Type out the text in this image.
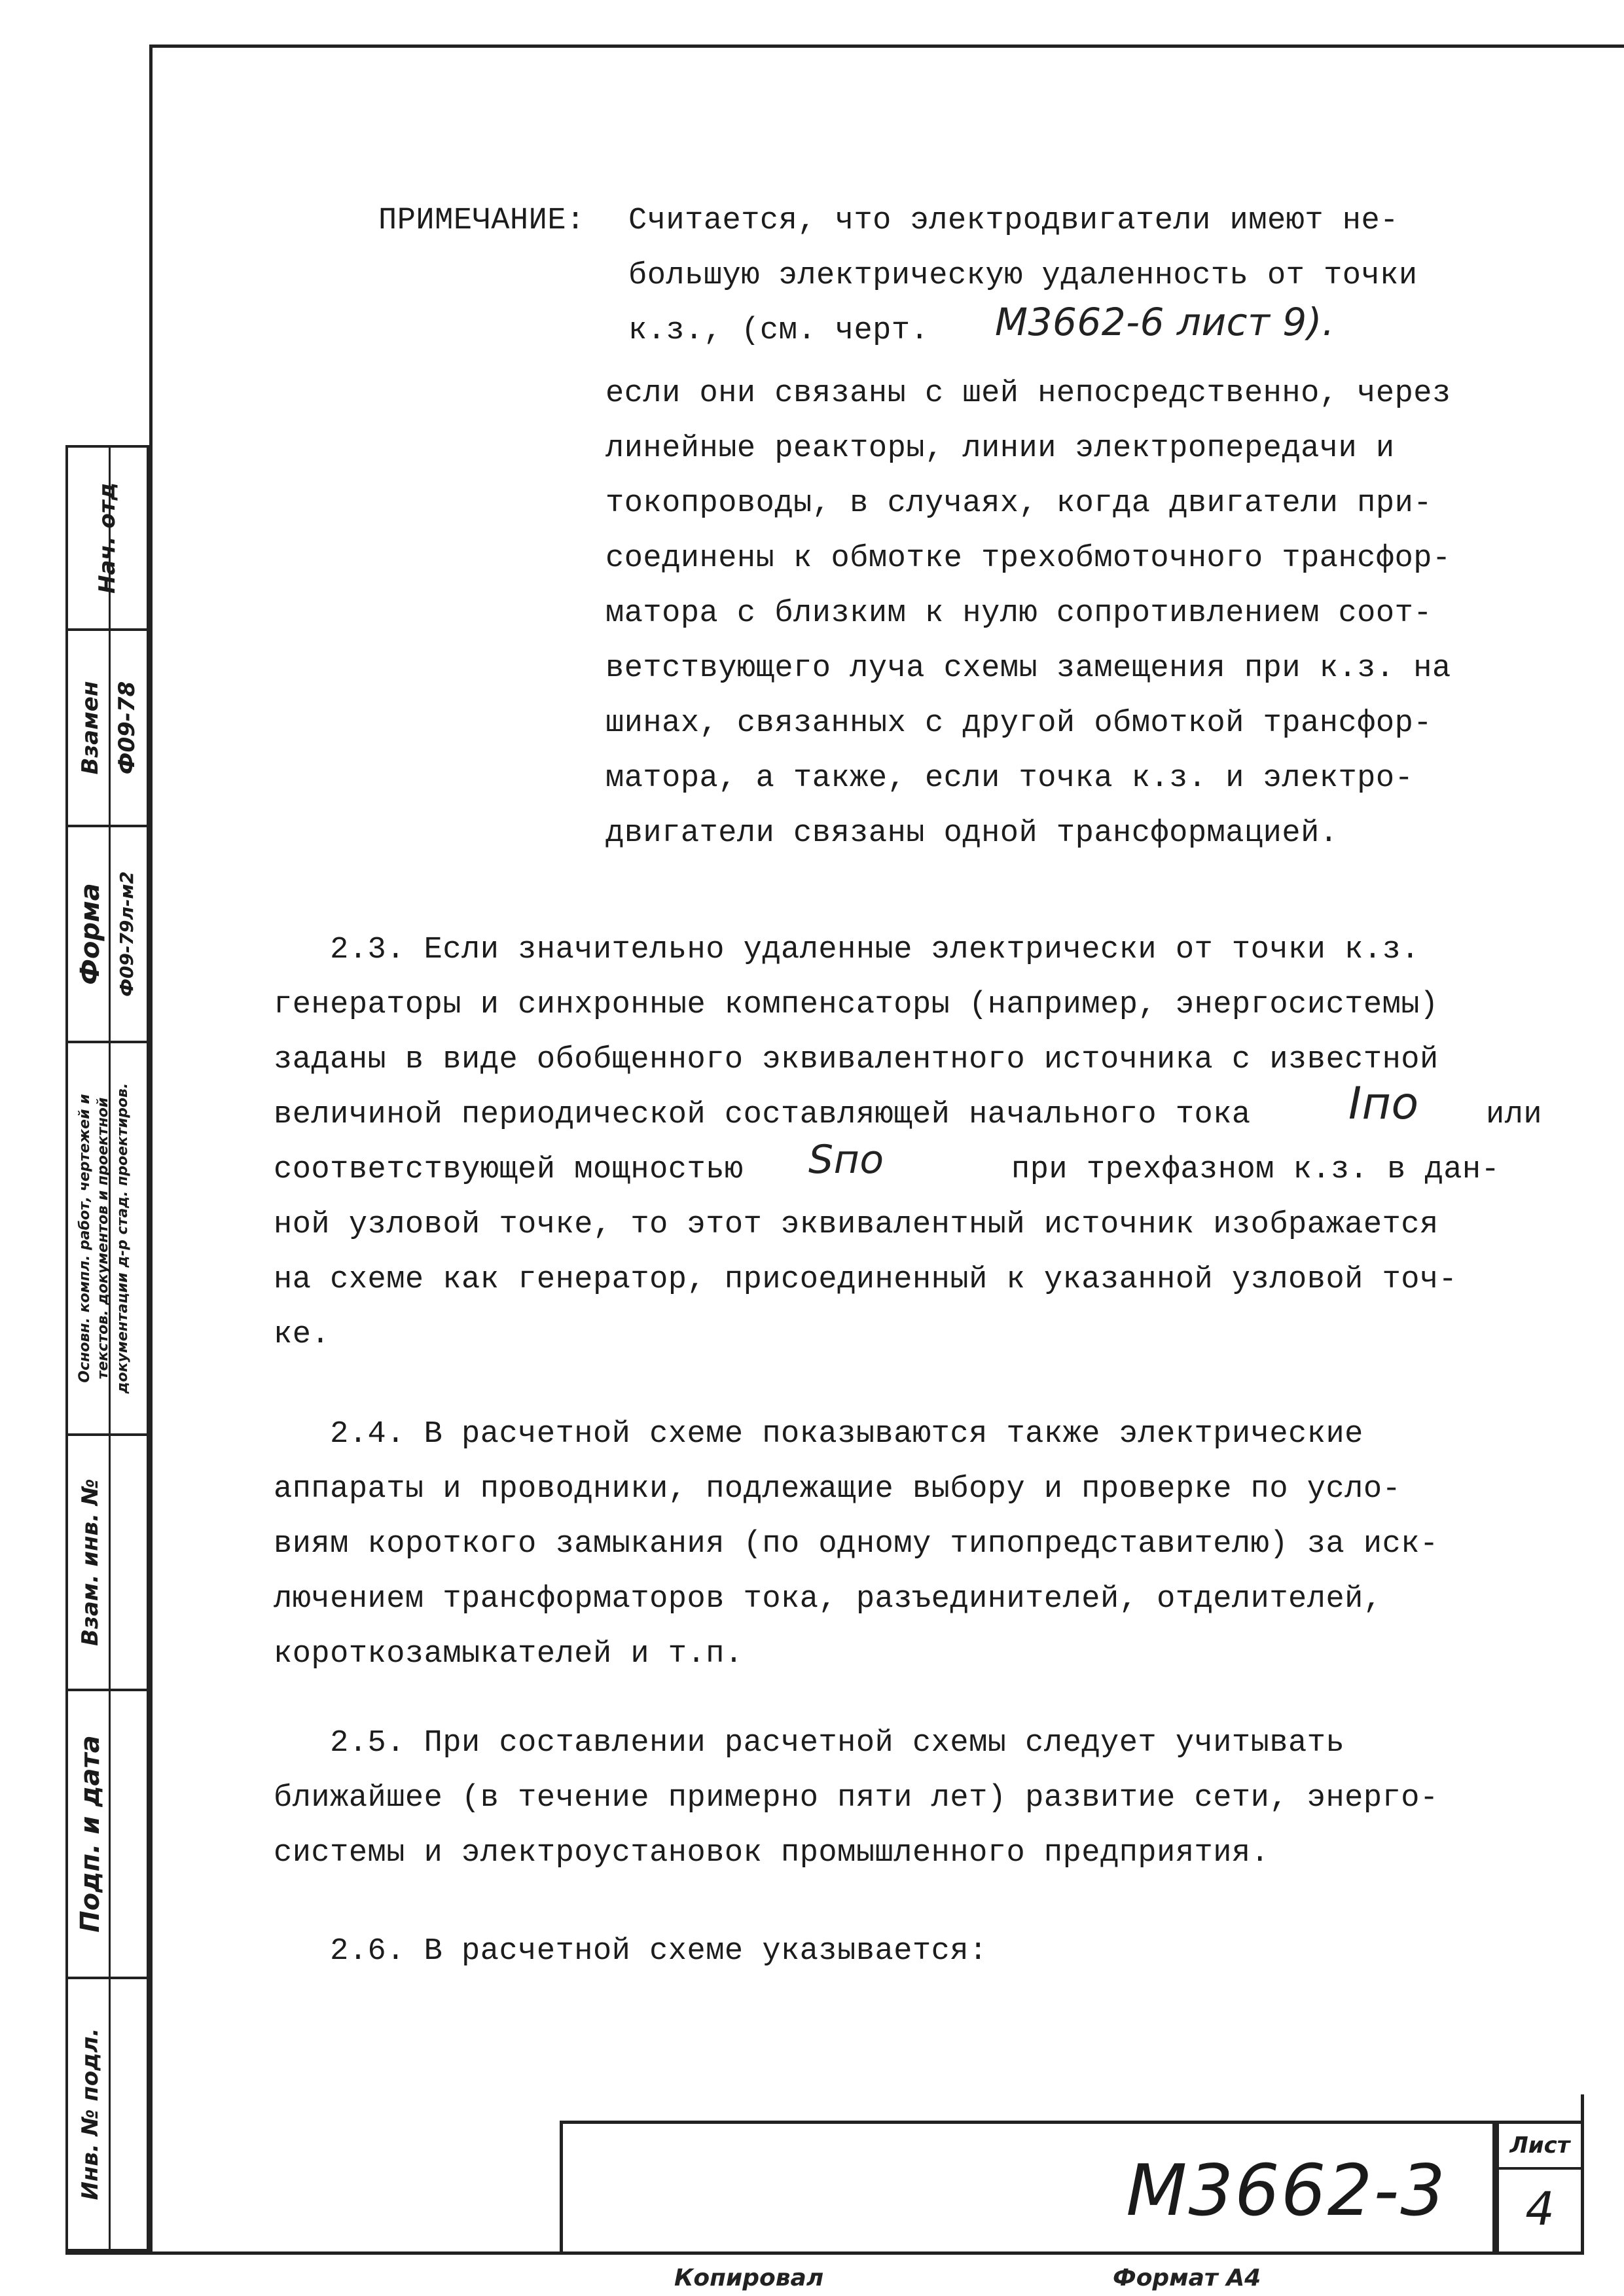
Нач. отд
Взамен Ф09-78
Форма Ф09-79л-м2
Основн. компл. работ, чертежей и текстов. документов и проектной документации д-р стад. проектиров.
Взам. инв. №
Подп. и дата
Инв. № подл.
ПРИМЕЧАНИЕ: Считается, что электродвигатели имеют не-
большую электрическую удаленность от точки
к.з., (см. черт. М3662-6 лист 9).
если они связаны с шей непосредственно, через
линейные реакторы, линии электропередачи и
токопроводы, в случаях, когда двигатели при-
соединены к обмотке трехобмоточного трансфор-
матора с близким к нулю сопротивлением соот-
ветствующего луча схемы замещения при к.з. на
шинах, связанных с другой обмоткой трансфор-
матора, а также, если точка к.з. и электро-
двигатели связаны одной трансформацией.
2.3. Если значительно удаленные электрически от точки к.з.
генераторы и синхронные компенсаторы (например, энергосистемы)
заданы в виде обобщенного эквивалентного источника с известной
величиной периодической составляющей начального тока Iпо или
соответствующей мощностью Sпо	при трехфазном к.з. в дан-
ной узловой точке, то этот эквивалентный источник изображается
на схеме как генератор, присоединенный к указанной узловой точ-
ке.
2.4. В расчетной схеме показываются также электрические
аппараты и проводники, подлежащие выбору и проверке по усло-
виям короткого замыкания (по одному типопредставителю) за иск-
лючением трансформаторов тока, разъединителей, отделителей,
короткозамыкателей и т.п.
2.5. При составлении расчетной схемы следует учитывать
ближайшее (в течение примерно пяти лет) развитие сети, энерго-
системы и электроустановок промышленного предприятия.
2.6. В расчетной схеме указывается:
М3662-3
Лист
4
Копировал	Формат А4
